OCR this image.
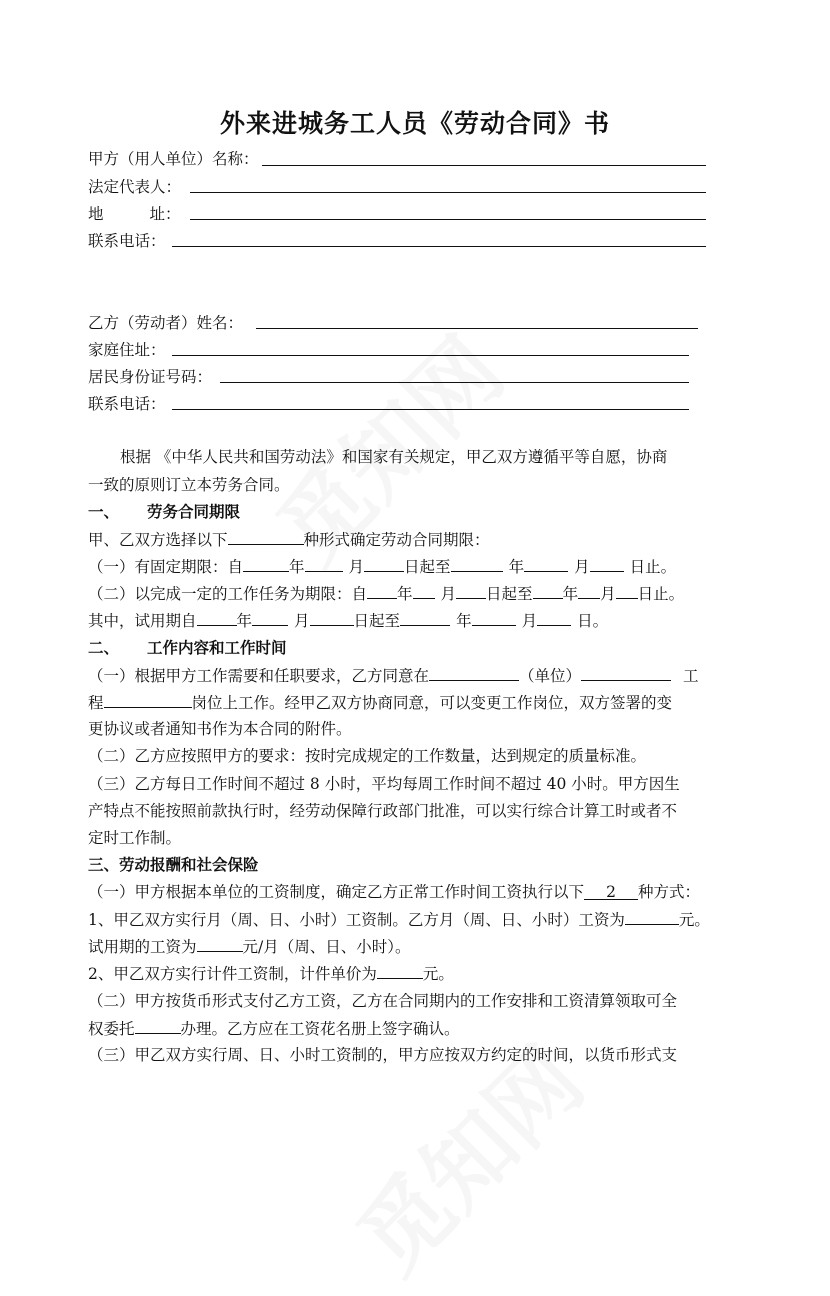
外来进城务工人员《劳动合同》书
甲方（用人单位）名称：
法定代表人：
地	址：
联系电话：
乙方（劳动者）姓名：
家庭住址：
居民身份证号码：
联系电话：
根据 《中华人民共和国劳动法》和国家有关规定，甲乙双方遵循平等自愿，协商
一致的原则订立本劳务合同。
一、 劳务合同期限
甲、乙双方选择以下	种形式确定劳动合同期限：
（一）有固定期限：自	年	月	日起至	年	月	日止。
（二）以完成一定的工作任务为期限：自 年 月 日起至 年 月 日止。
其中，试用期自	年	月	日起至	年	月	日。
二、 工作内容和工作时间
（一）根据甲方工作需要和任职要求，乙方同意在	（单位）	工
程	岗位上工作。经甲乙双方协商同意，可以变更工作岗位，双方签署的变
更协议或者通知书作为本合同的附件。
（二）乙方应按照甲方的要求：按时完成规定的工作数量，达到规定的质量标准。
（三）乙方每日工作时间不超过 8 小时，平均每周工作时间不超过 40 小时。甲方因生
产特点不能按照前款执行时，经劳动保障行政部门批准，可以实行综合计算工时或者不
定时工作制。
三、劳动报酬和社会保险
（一）甲方根据本单位的工资制度，确定乙方正常工作时间工资执行以下 2 种方式：
1、甲乙双方实行月（周、日、小时）工资制。乙方月（周、日、小时）工资为	元。
试用期的工资为	元/月（周、日、小时）。
2、甲乙双方实行计件工资制，计件单价为	元。
（二）甲方按货币形式支付乙方工资，乙方在合同期内的工作安排和工资清算领取可全
权委托	办理。乙方应在工资花名册上签字确认。
（三）甲乙双方实行周、日、小时工资制的，甲方应按双方约定的时间，以货币形式支
